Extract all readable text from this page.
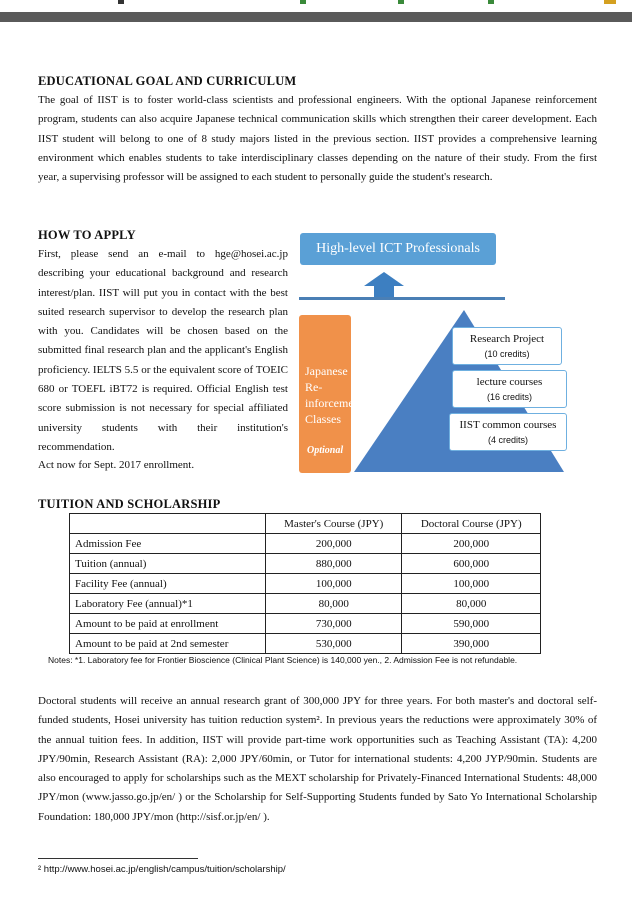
EDUCATIONAL GOAL AND CURRICULUM

The goal of IIST is to foster world-class scientists and professional engineers. With the optional Japanese reinforcement program, students can also acquire Japanese technical communication skills which strengthen their career development. Each IIST student will belong to one of 8 study majors listed in the previous section. IIST provides a comprehensive learning environment which enables students to take interdisciplinary classes depending on the nature of their study. From the first year, a supervising professor will be assigned to each student to personally guide the student's research.

HOW TO APPLY

First, please send an e-mail to hge@hosei.ac.jp describing your educational background and research interest/plan. IIST will put you in contact with the best suited research supervisor to develop the research plan with you. Candidates will be chosen based on the submitted final research plan and the applicant's English proficiency. IELTS 5.5 or the equivalent score of TOEIC 680 or TOEFL iBT72 is required. Official English test score submission is not necessary for special affiliated university students with their institution's recommendation.

Act now for Sept. 2017 enrollment.

High-level ICT Professionals
Japanese Re-inforcement Classes
Optional
Research Project
(10 credits)
lecture courses
(16 credits)
IIST common courses
(4 credits)
TUITION AND SCHOLARSHIP
	Master's Course (JPY)	Doctoral Course (JPY)
Admission Fee	200,000	200,000
Tuition (annual)	880,000	600,000
Facility Fee (annual)	100,000	100,000
Laboratory Fee (annual)*1	80,000	80,000
Amount to be paid at enrollment	730,000	590,000
Amount to be paid at 2nd semester	530,000	390,000
Notes: *1. Laboratory fee for Frontier Bioscience (Clinical Plant Science) is 140,000 yen., 2. Admission Fee is not refundable.

Doctoral students will receive an annual research grant of 300,000 JPY for three years. For both master's and doctoral self-funded students, Hosei university has tuition reduction system². In previous years the reductions were approximately 30% of the annual tuition fees. In addition, IIST will provide part-time work opportunities such as Teaching Assistant (TA): 4,200 JPY/90min, Research Assistant (RA): 2,000 JPY/60min, or Tutor for international students: 4,200 JYP/90min. Students are also encouraged to apply for scholarships such as the MEXT scholarship for Privately-Financed International Students: 48,000 JPY/mon (www.jasso.go.jp/en/ ) or the Scholarship for Self-Supporting Students funded by Sato Yo International Scholarship Foundation: 180,000 JPY/mon (http://sisf.or.jp/en/ ).

² http://www.hosei.ac.jp/english/campus/tuition/scholarship/
